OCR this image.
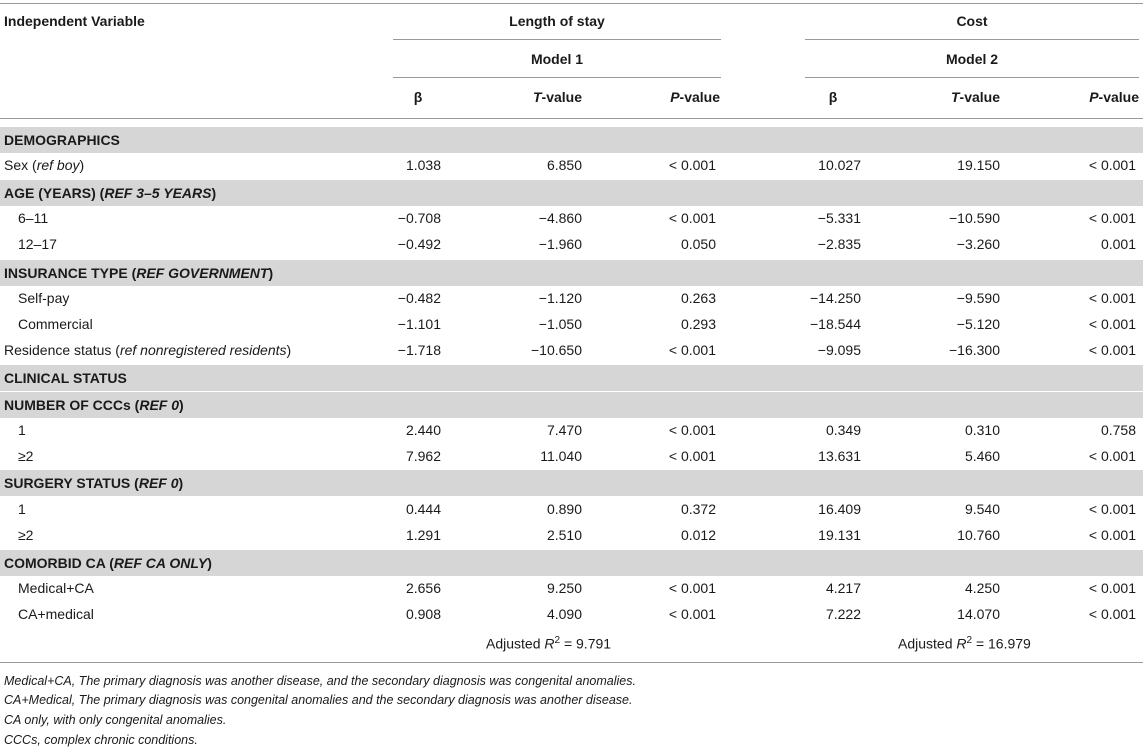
Independent Variable	Length of stay	Cost
Model 1	Model 2
β	T-value	P-value	β	T-value	P-value
DEMOGRAPHICS
Sex (ref boy)	1.038	6.850	< 0.001	10.027	19.150	< 0.001
AGE (YEARS) (REF 3–5 YEARS)
6–11	−0.708	−4.860	< 0.001	−5.331	−10.590	< 0.001
12–17	−0.492	−1.960	0.050	−2.835	−3.260	0.001
INSURANCE TYPE (REF GOVERNMENT)
Self-pay	−0.482	−1.120	0.263	−14.250	−9.590	< 0.001
Commercial	−1.101	−1.050	0.293	−18.544	−5.120	< 0.001
Residence status (ref nonregistered residents)	−1.718	−10.650	< 0.001	−9.095	−16.300	< 0.001
CLINICAL STATUS
NUMBER OF CCCs (REF 0)
1	2.440	7.470	< 0.001	0.349	0.310	0.758
≥2	7.962	11.040	< 0.001	13.631	5.460	< 0.001
SURGERY STATUS (REF 0)
1	0.444	0.890	0.372	16.409	9.540	< 0.001
≥2	1.291	2.510	0.012	19.131	10.760	< 0.001
COMORBID CA (REF CA ONLY)
Medical+CA	2.656	9.250	< 0.001	4.217	4.250	< 0.001
CA+medical	0.908	4.090	< 0.001	7.222	14.070	< 0.001
Adjusted $R^2 = 9.791$	Adjusted $R^2 = 16.979$
Medical+CA, The primary diagnosis was another disease, and the secondary diagnosis was congenital anomalies.
CA+Medical, The primary diagnosis was congenital anomalies and the secondary diagnosis was another disease.
CA only, with only congenital anomalies.
CCCs, complex chronic conditions.
